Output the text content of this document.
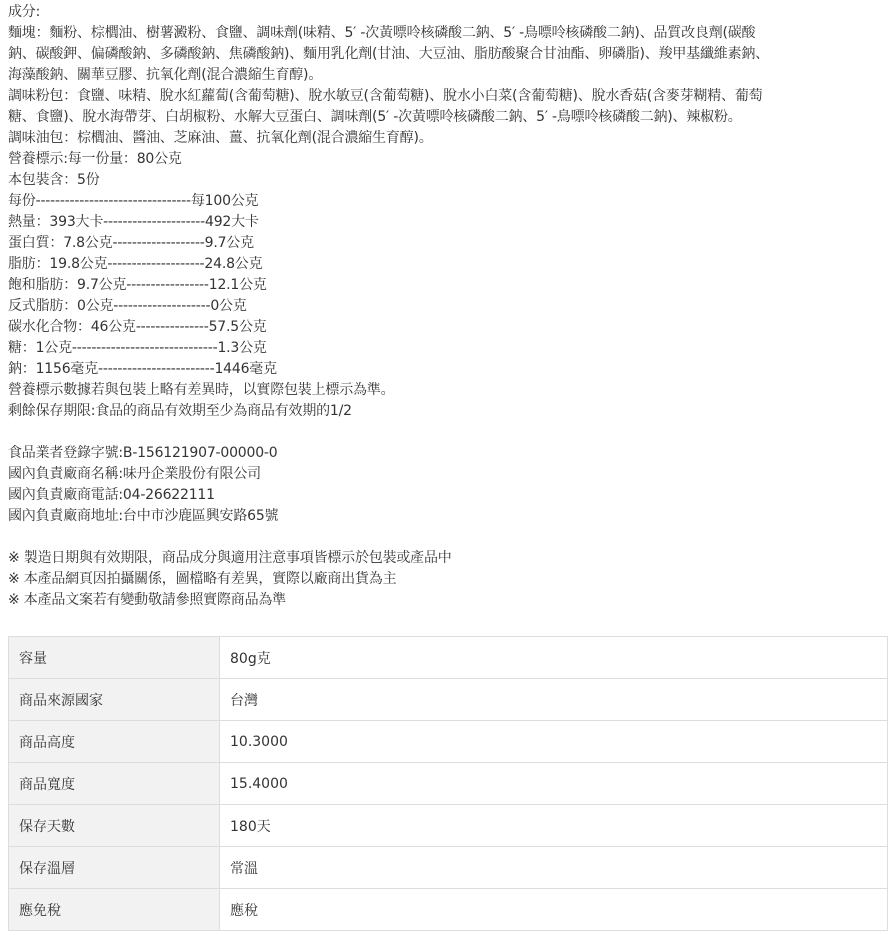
成分:
麵塊：麵粉、棕櫚油、樹薯澱粉、食鹽、調味劑(味精、5′ -次黃嘌呤核磷酸二鈉、5′ -鳥嘌呤核磷酸二鈉)、品質改良劑(碳酸
鈉、碳酸鉀、偏磷酸鈉、多磷酸鈉、焦磷酸鈉)、麵用乳化劑(甘油、大豆油、脂肪酸聚合甘油酯、卵磷脂)、羧甲基纖維素鈉、
海藻酸鈉、關華豆膠、抗氧化劑(混合濃縮生育醇)。
調味粉包：食鹽、味精、脫水紅蘿蔔(含葡萄糖)、脫水敏豆(含葡萄糖)、脫水小白菜(含葡萄糖)、脫水香菇(含麥芽糊精、葡萄
糖、食鹽)、脫水海帶芽、白胡椒粉、水解大豆蛋白、調味劑(5′ -次黃嘌呤核磷酸二鈉、5′ -鳥嘌呤核磷酸二鈉)、辣椒粉。
調味油包：棕櫚油、醬油、芝麻油、薑、抗氧化劑(混合濃縮生育醇)。
營養標示:每一份量：80公克
本包裝含：5份
每份--------------------------------每100公克
熱量：393大卡---------------------492大卡
蛋白質：7.8公克-------------------9.7公克
脂肪：19.8公克--------------------24.8公克
飽和脂肪：9.7公克-----------------12.1公克
反式脂肪：0公克--------------------0公克
碳水化合物：46公克---------------57.5公克
糖：1公克------------------------------1.3公克
鈉：1156毫克------------------------1446毫克
營養標示數據若與包裝上略有差異時，以實際包裝上標示為準。
剩餘保存期限:食品的商品有效期至少為商品有效期的1/2
食品業者登錄字號:B-156121907-00000-0
國內負責廠商名稱:味丹企業股份有限公司
國內負責廠商電話:04-26622111
國內負責廠商地址:台中市沙鹿區興安路65號
※ 製造日期與有效期限，商品成分與適用注意事項皆標示於包裝或產品中
※ 本產品網頁因拍攝關係，圖檔略有差異，實際以廠商出貨為主
※ 本產品文案若有變動敬請參照實際商品為準
容量	80g克
商品來源國家	台灣
商品高度	10.3000
商品寬度	15.4000
保存天數	180天
保存溫層	常溫
應免稅	應稅
